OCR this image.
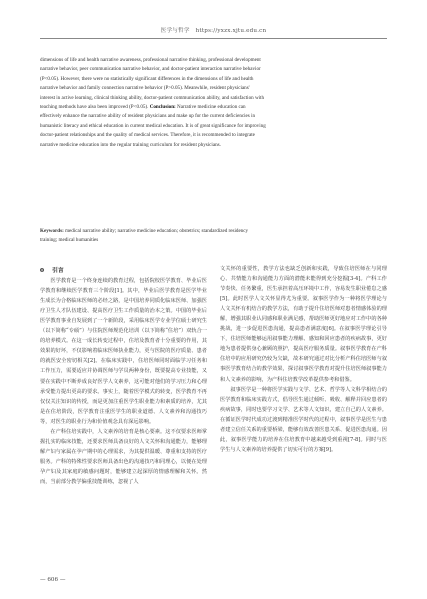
医学与哲学 https://yxzx.xjtu.edu.cn
dimensions of life and health narrative awareness, professional narrative thinking, professional development
narrative behavior, peer communication narrative behavior, and doctor-patient interaction narrative behavior
(P<0.05). However, there were no statistically significant differences in the dimensions of life and health
narrative behavior and family connection narrative behavior (P>0.05). Meanwhile, resident physicians'
interest in active learning, clinical thinking ability, doctor-patient communication ability, and satisfaction with
teaching methods have also been improved (P<0.05). Conclusion: Narrative medicine education can
effectively enhance the narrative ability of resident physicians and make up for the current deficiencies in
humanistic literacy and ethical education in current medical education. It is of great significance for improving
doctor-patient relationships and the quality of medical services. Therefore, it is recommended to integrate
narrative medicine education into the regular training curriculum for resident physicians.
Keywords: medical narrative ability; narrative medicine education; obstetrics; standardized residency
training; medical humanities

0 引言

医学教育是一个终身连续的教育过程，包括院校医学教育、毕业后医学教育和继续医学教育三个阶段[1]。其中，毕业后医学教育是医学毕业生成长为合格临床医师的必经之路，是中国培养同质化临床医师、加强医疗卫生人才队伍建设、提高医疗卫生工作质量的治本之策。中国的毕业后医学教育事业自发展到了一个新阶段，采用临床医学专业学位硕士研究生（以下简称“专硕”）与住院医师规范化培训（以下简称“住培”）双轨合一的培养模式。在这一成长转变过程中，住培及教育者十分重要的作用，其效果的好坏，不仅影响着临床医师执业能力，更与医院的医疗质量、患者的就医安全密切相关[2]。在临床实践中，住培医师同时面临学习任务和工作压力，需要适应并协调医师与学员两种身份，既要提高专业技能，又要在实践中不断养成良好医学人文素养，这可能对他们的学习压力和心理承受能力提出更高的要求。事实上，随着医学模式的转变，医学教育不再仅仅关注知识的传授，而是更加注重医学生职业能力和素质的培养，尤其是在住培阶段，医学教育注重医学生的职业道德、人文素养和沟通技巧等，对医生的职业行为和价值观念具有深远影响。

在产科住培实践中，人文素养的培育是核心要素。这不仅要求医师掌握扎实的临床技能，还要求医师具备良好的人文关怀和沟通能力，能够理解产妇与家属在孕产期中的心理需求，为其提供温暖、尊重和支持的医疗服务。产科的特殊性要求医师具备出色的沟通技巧和同理心，以便在处理孕产妇及其家庭的敏感问题时，能够建立起深厚的情感理解和关怀。然而，当前部分教学偏重技能训练，忽视了人

文关怀的重要性，教学方法也缺乏创新和实践，导致住培医师在与同理心、共情能力和沟通能力方面的潜能未能得到充分挖掘[3-4]。产科工作节奏快、任务繁重，医生承担着高压环境中工作，容易发生职业倦怠之感[5]。此时医学人文关怀显得尤为重要。叙事医学作为一种将医学理论与人文关怀有机结合的教学方法，有助于提升住培医师对患者情感体验的理解，增强其职业认同感和职业满足感，帮助医师更好地应对工作中的各种挑战，进一步促进医患沟通，提高患者满意度[6]。在叙事医学理论引导下，住培医师能够运用叙事能力理解、感知和回应患者的疾病故事，更好地为患者提供身心兼顾的照护，提高医疗服务质量。叙事医学教育在产科住培中的应用研究仍较为欠缺，故本研究通过对比分析产科住培医师与叙事医学教育结合的教学效果，探讨叙事医学教育对提升住培医师叙事能力和人文素养的影响，为产科住培教学改革提供参考和借鉴。

叙事医学是一种将医学实践与文学、艺术、哲学等人文科学相结合的医学教育和临床实践方式，倡导医生通过倾听、吸收、解释并回应患者的疾病故事，同时也要学习文学、艺术等人文知识，建立自己的人文素养。在循证医学时代成功过渡到精准医学时代的过程中，叙事医学是医生与患者建立信任关系的重要桥梁，能够有效改善医患关系、促进医患沟通。因此，叙事医学能力的培养在住培教育中越来越受到重视[7-8]。同时与医学生与人文素养的培养提供了切实可行的方案[9]。

— 606 —
